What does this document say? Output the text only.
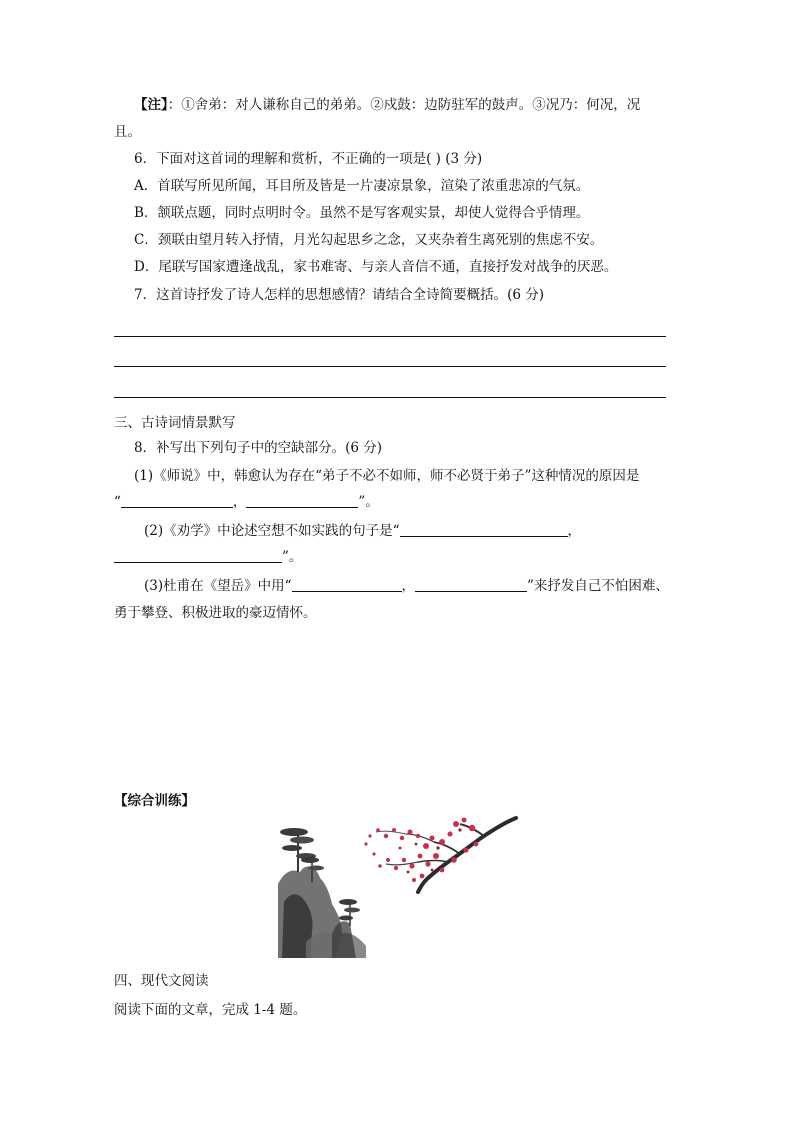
【注】：①舍弟：对人谦称自己的弟弟。②戍鼓：边防驻军的鼓声。③况乃：何况，况
且。
6．下面对这首词的理解和赏析，不正确的一项是( ) (3 分)
A．首联写所见所闻，耳目所及皆是一片凄凉景象，渲染了浓重悲凉的气氛。
B．颔联点题，同时点明时令。虽然不是写客观实景，却使人觉得合乎情理。
C．颈联由望月转入抒情，月光勾起思乡之念，又夹杂着生离死别的焦虑不安。
D．尾联写国家遭逢战乱，家书难寄、与亲人音信不通，直接抒发对战争的厌恶。
7．这首诗抒发了诗人怎样的思想感情？请结合全诗简要概括。(6 分)
三、古诗词情景默写
8．补写出下列句子中的空缺部分。(6 分)
(1)《师说》中，韩愈认为存在“弟子不必不如师，师不必贤于弟子”这种情况的原因是
“	，	”。
(2)《劝学》中论述空想不如实践的句子是“	，
”。
(3)杜甫在《望岳》中用“	，	”来抒发自己不怕困难、
勇于攀登、积极进取的豪迈情怀。
【综合训练】
四、现代文阅读
阅读下面的文章，完成 1-4 题。
